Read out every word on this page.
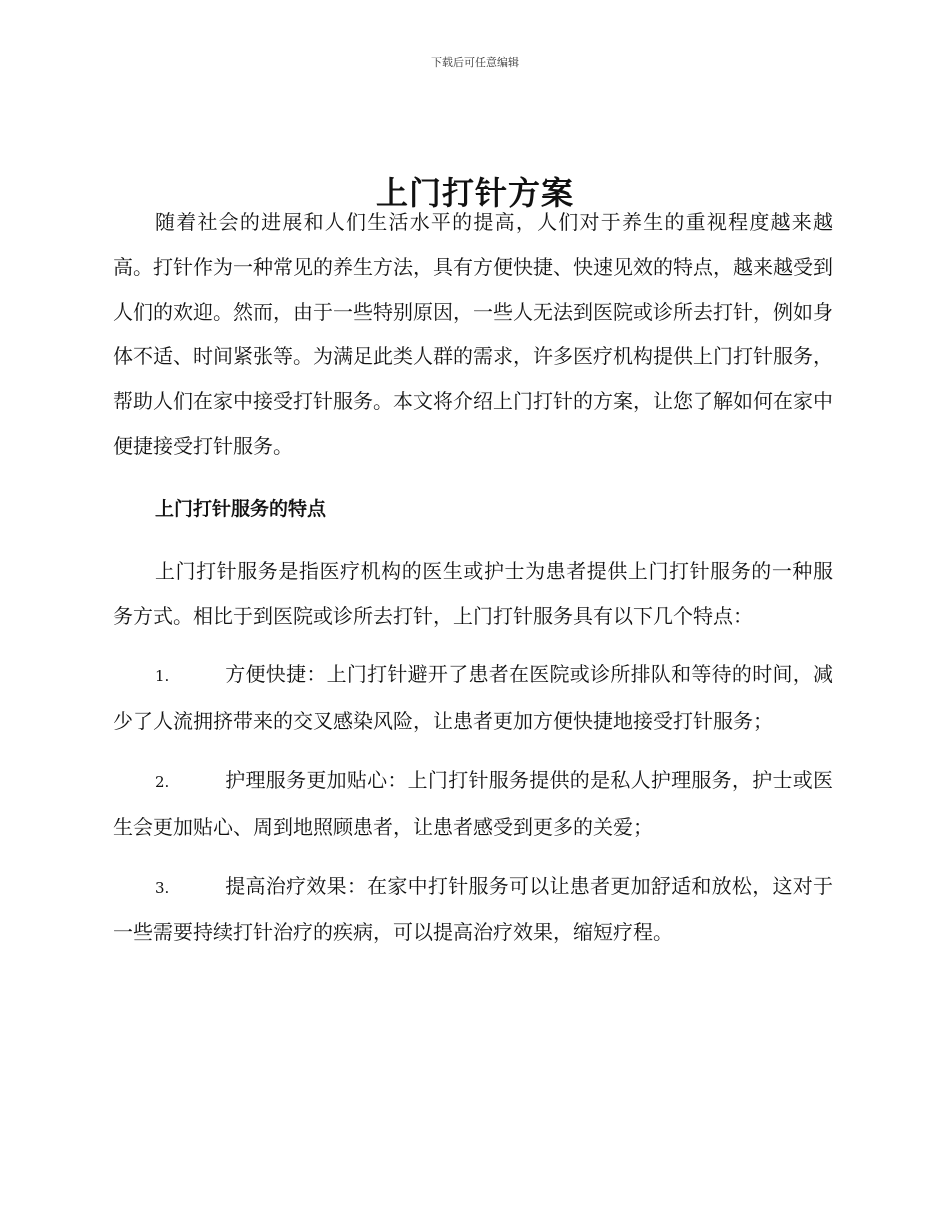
下载后可任意编辑
上门打针方案

随着社会的进展和人们生活水平的提高，人们对于养生的重视程度越来越高。打针作为一种常见的养生方法，具有方便快捷、快速见效的特点，越来越受到人们的欢迎。然而，由于一些特别原因，一些人无法到医院或诊所去打针，例如身体不适、时间紧张等。为满足此类人群的需求，许多医疗机构提供上门打针服务，帮助人们在家中接受打针服务。本文将介绍上门打针的方案，让您了解如何在家中便捷接受打针服务。

上门打针服务的特点

上门打针服务是指医疗机构的医生或护士为患者提供上门打针服务的一种服务方式。相比于到医院或诊所去打针，上门打针服务具有以下几个特点：

1.	方便快捷：上门打针避开了患者在医院或诊所排队和等待的时间，减少了人流拥挤带来的交叉感染风险，让患者更加方便快捷地接受打针服务；

2.	护理服务更加贴心：上门打针服务提供的是私人护理服务，护士或医生会更加贴心、周到地照顾患者，让患者感受到更多的关爱；

3.	提高治疗效果：在家中打针服务可以让患者更加舒适和放松，这对于一些需要持续打针治疗的疾病，可以提高治疗效果，缩短疗程。
